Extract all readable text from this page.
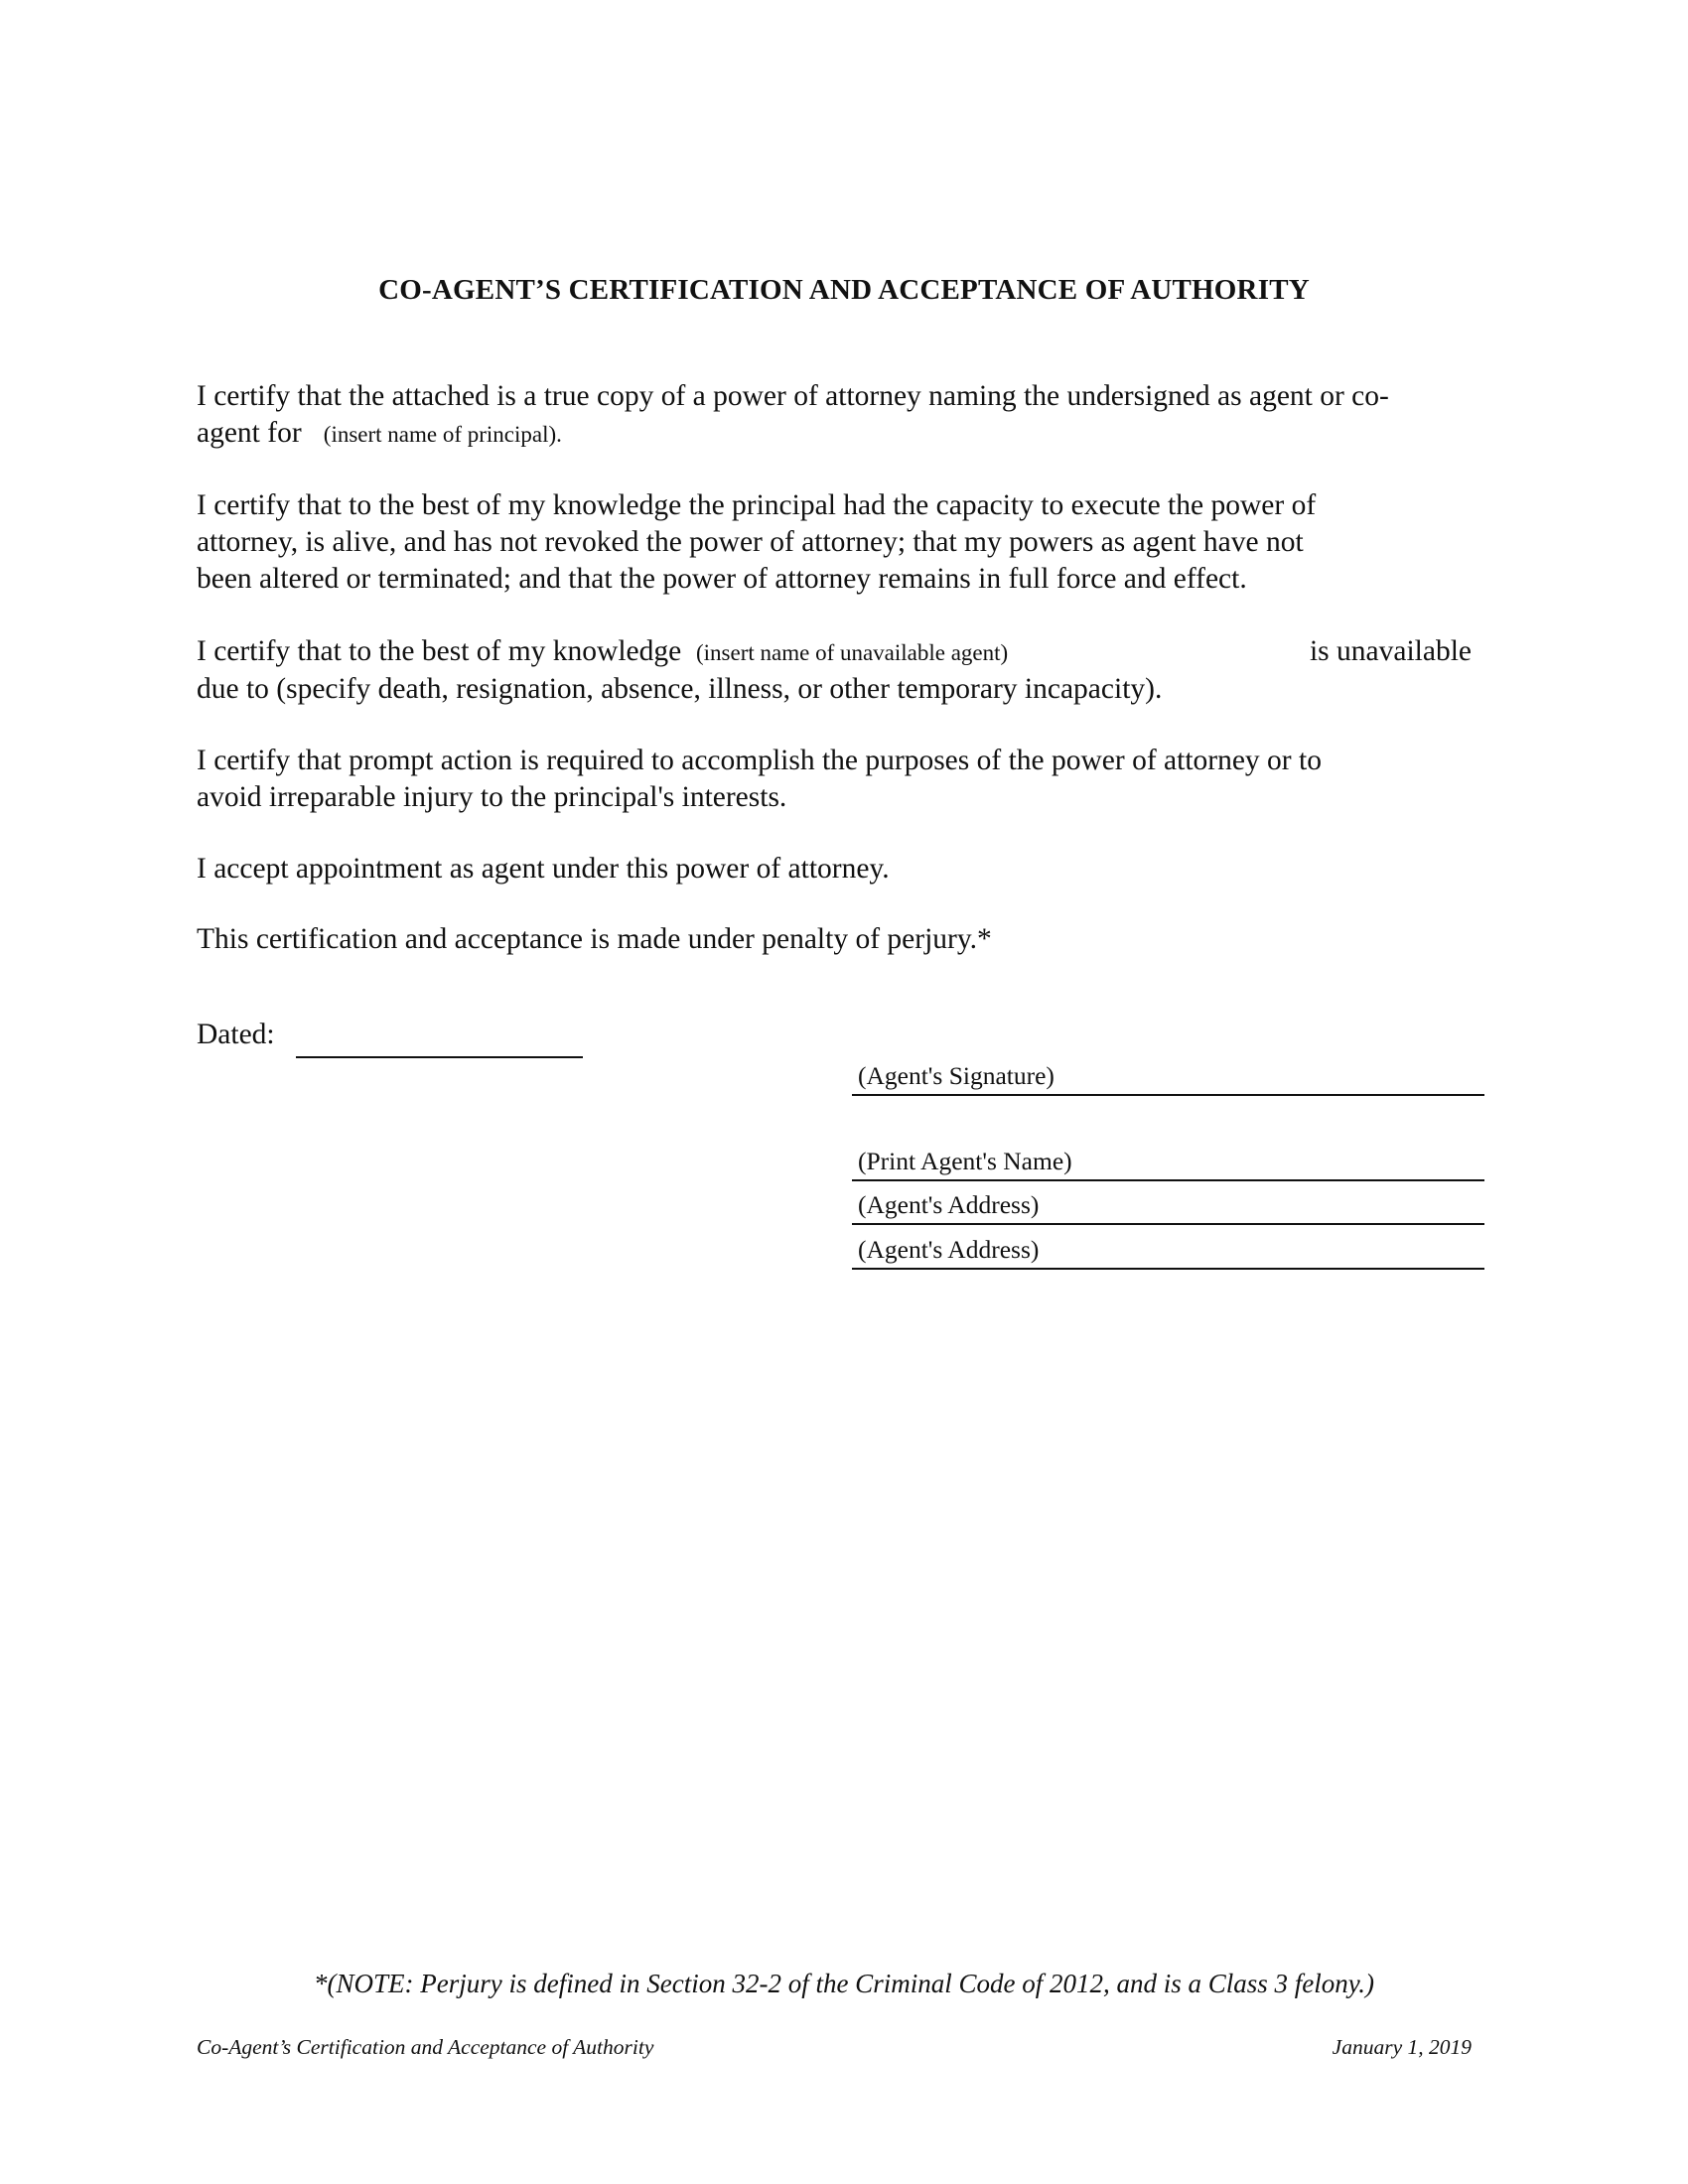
CO-AGENT’S CERTIFICATION AND ACCEPTANCE OF AUTHORITY
I certify that the attached is a true copy of a power of attorney naming the undersigned as agent or co-
agent for (insert name of principal).
I certify that to the best of my knowledge the principal had the capacity to execute the power of
attorney, is alive, and has not revoked the power of attorney; that my powers as agent have not
been altered or terminated; and that the power of attorney remains in full force and effect.
I certify that to the best of my knowledge (insert name of unavailable agent)	is unavailable
due to (specify death, resignation, absence, illness, or other temporary incapacity).
I certify that prompt action is required to accomplish the purposes of the power of attorney or to
avoid irreparable injury to the principal's interests.
I accept appointment as agent under this power of attorney.
This certification and acceptance is made under penalty of perjury.*
Dated:
(Agent's Signature)
(Print Agent's Name)
(Agent's Address)
(Agent's Address)
*(NOTE: Perjury is defined in Section 32-2 of the Criminal Code of 2012, and is a Class 3 felony.)
Co-Agent’s Certification and Acceptance of Authority	January 1, 2019
